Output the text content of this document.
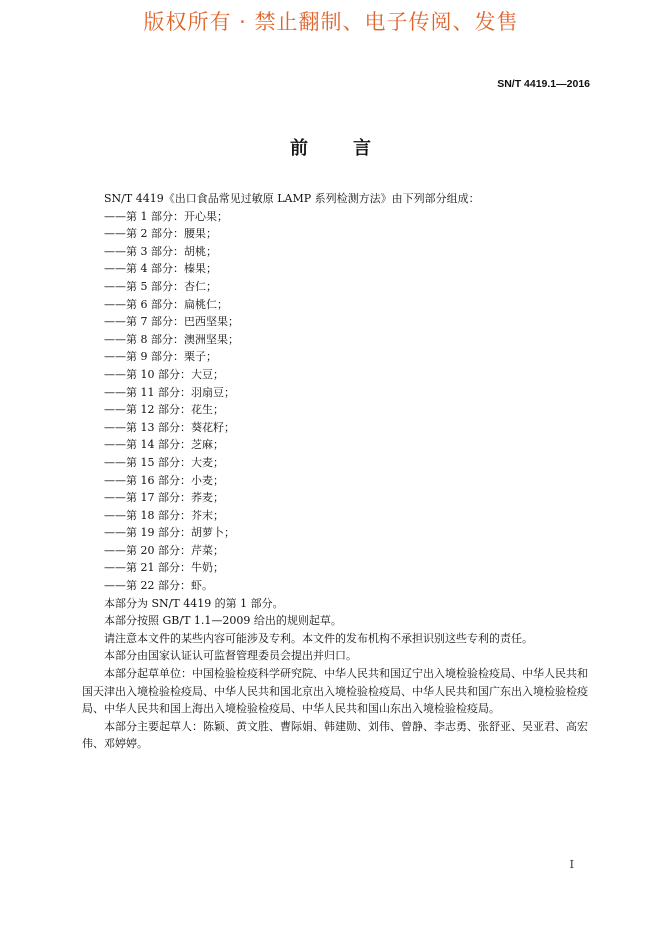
版权所有 · 禁止翻制、电子传阅、发售
SN/T 4419.1—2016
前 言

SN/T 4419《出口食品常见过敏原 LAMP 系列检测方法》由下列部分组成：

——第 1 部分：开心果；

——第 2 部分：腰果；

——第 3 部分：胡桃；

——第 4 部分：榛果；

——第 5 部分：杏仁；

——第 6 部分：扁桃仁；

——第 7 部分：巴西坚果；

——第 8 部分：澳洲坚果；

——第 9 部分：栗子；

——第 10 部分：大豆；

——第 11 部分：羽扇豆；

——第 12 部分：花生；

——第 13 部分：葵花籽；

——第 14 部分：芝麻；

——第 15 部分：大麦；

——第 16 部分：小麦；

——第 17 部分：荞麦；

——第 18 部分：芥末；

——第 19 部分：胡萝卜；

——第 20 部分：芹菜；

——第 21 部分：牛奶；

——第 22 部分：虾。

本部分为 SN/T 4419 的第 1 部分。

本部分按照 GB/T 1.1—2009 给出的规则起草。

请注意本文件的某些内容可能涉及专利。本文件的发布机构不承担识别这些专利的责任。

本部分由国家认证认可监督管理委员会提出并归口。

本部分起草单位：中国检验检疫科学研究院、中华人民共和国辽宁出入境检验检疫局、中华人民共和国天津出入境检验检疫局、中华人民共和国北京出入境检验检疫局、中华人民共和国广东出入境检验检疫局、中华人民共和国上海出入境检验检疫局、中华人民共和国山东出入境检验检疫局。

本部分主要起草人：陈颖、黄文胜、曹际娟、韩建勋、刘伟、曾静、李志勇、张舒亚、吴亚君、高宏伟、邓婷婷。

I
